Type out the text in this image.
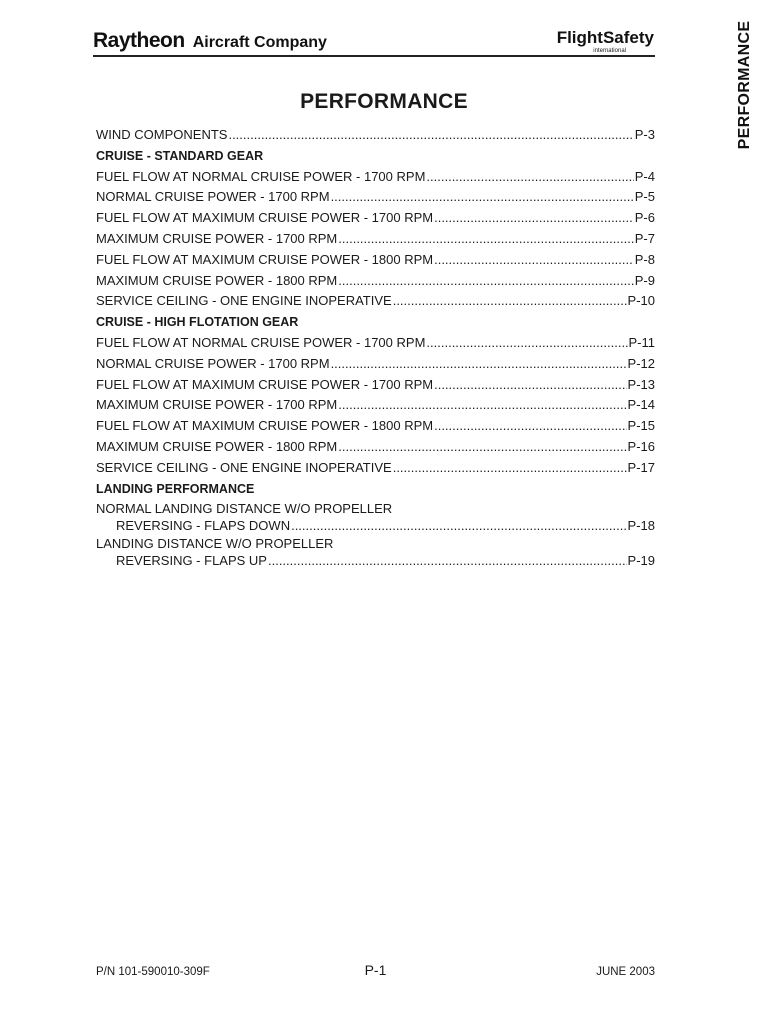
Raytheon Aircraft Company	FlightSafety
international	PERFORMANCE
PERFORMANCE
WIND COMPONENTS .....	P-3
CRUISE - STANDARD GEAR
FUEL FLOW AT NORMAL CRUISE POWER - 1700 RPM .....	P-4
NORMAL CRUISE POWER - 1700 RPM .....	P-5
FUEL FLOW AT MAXIMUM CRUISE POWER - 1700 RPM .....	P-6
MAXIMUM CRUISE POWER - 1700 RPM .....	P-7
FUEL FLOW AT MAXIMUM CRUISE POWER - 1800 RPM .....	P-8
MAXIMUM CRUISE POWER - 1800 RPM .....	P-9
SERVICE CEILING - ONE ENGINE INOPERATIVE .....	P-10
CRUISE - HIGH FLOTATION GEAR
FUEL FLOW AT NORMAL CRUISE POWER - 1700 RPM .....	P-11
NORMAL CRUISE POWER - 1700 RPM .....	P-12
FUEL FLOW AT MAXIMUM CRUISE POWER - 1700 RPM .....	P-13
MAXIMUM CRUISE POWER - 1700 RPM .....	P-14
FUEL FLOW AT MAXIMUM CRUISE POWER - 1800 RPM .....	P-15
MAXIMUM CRUISE POWER - 1800 RPM .....	P-16
SERVICE CEILING - ONE ENGINE INOPERATIVE .....	P-17
LANDING PERFORMANCE
NORMAL LANDING DISTANCE W/O PROPELLER
REVERSING - FLAPS DOWN .....	P-18
LANDING DISTANCE W/O PROPELLER
REVERSING - FLAPS UP .....	P-19
P/N 101-590010-309F	P-1	JUNE 2003
